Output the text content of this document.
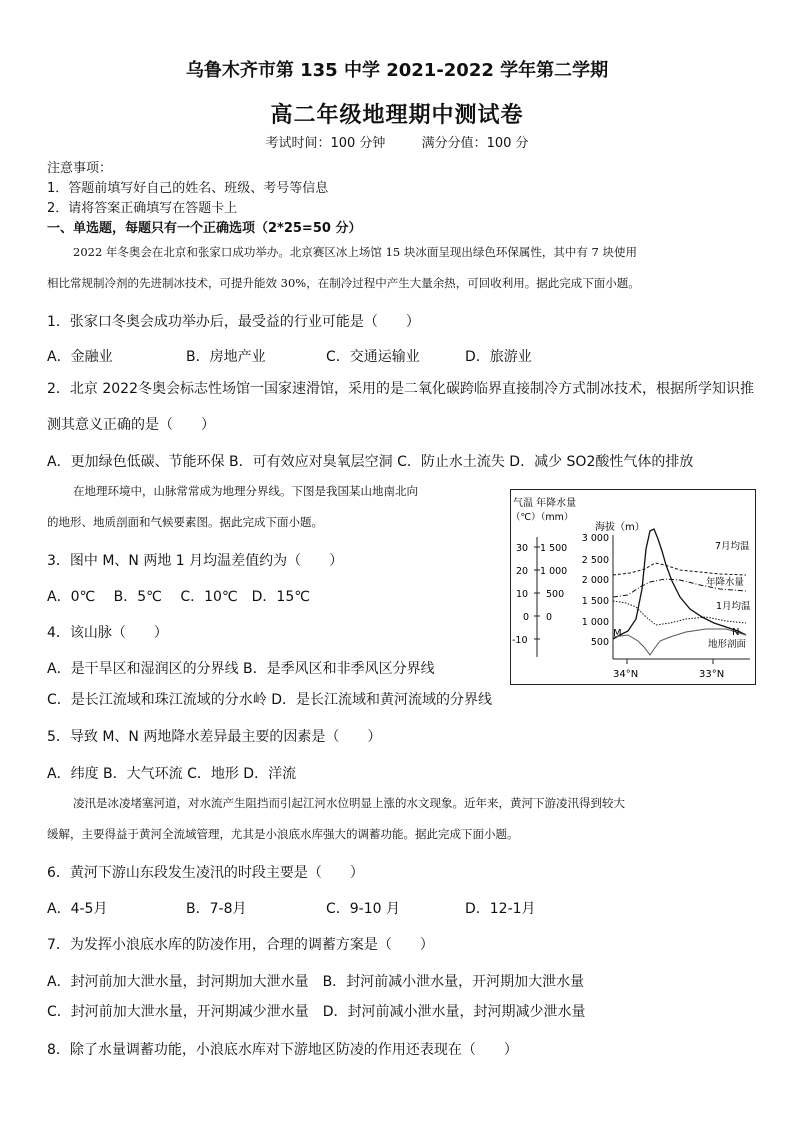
乌鲁木齐市第 135 中学 2021-2022 学年第二学期
高二年级地理期中测试卷
考试时间：100 分钟	满分分值：100 分
注意事项：
1．答题前填写好自己的姓名、班级、考号等信息
2．请将答案正确填写在答题卡上
一、单选题，每题只有一个正确选项（2*25=50 分）
2022 年冬奥会在北京和张家口成功举办。北京赛区冰上场馆 15 块冰面呈现出绿色环保属性，其中有 7 块使用
相比常规制冷剂的先进制冰技术，可提升能效 30%，在制冷过程中产生大量余热，可回收利用。据此完成下面小题。
1．张家口冬奥会成功举办后，最受益的行业可能是（　　）
A．金融业	B．房地产业	C．交通运输业	D．旅游业
2．北京 2022冬奥会标志性场馆一国家速滑馆，采用的是二氧化碳跨临界直接制冷方式制冰技术，根据所学知识推
测其意义正确的是（　　）
A．更加绿色低碳、节能环保 B．可有效应对臭氧层空洞 C．防止水土流失 D．减少 SO2酸性气体的排放
在地理环境中，山脉常常成为地理分界线。下图是我国某山地南北向
的地形、地质剖面和气候要素图。据此完成下面小题。
3．图中 M、N 两地 1 月均温差值约为（　　）
A．0℃　 B．5℃　 C．10℃　D．15℃
4．该山脉（　　）
A．是干旱区和湿润区的分界线 B．是季风区和非季风区分界线
C．是长江流域和珠江流域的分水岭 D．是长江流域和黄河流域的分界线
5．导致 M、N 两地降水差异最主要的因素是（　　）
A．纬度 B．大气环流 C．地形 D．洋流
凌汛是冰凌堵塞河道，对水流产生阻挡而引起江河水位明显上涨的水文现象。近年来，黄河下游凌汛得到较大
缓解，主要得益于黄河全流域管理，尤其是小浪底水库强大的调蓄功能。据此完成下面小题。
6．黄河下游山东段发生凌汛的时段主要是（　　）
A．4-5月	B．7-8月	C．9-10 月	D．12-1月
7．为发挥小浪底水库的防凌作用，合理的调蓄方案是（　　）
A．封河前加大泄水量，封河期加大泄水量　B．封河前减小泄水量，开河期加大泄水量
C．封河前加大泄水量，开河期减少泄水量　D．封河前减小泄水量，封河期减少泄水量
8．除了水量调蓄功能，小浪底水库对下游地区防凌的作用还表现在（　　）
气温 年降水量
（℃）（mm）
海拔（m）
30
20
10
0
-10
1 500
1 000
500
0
3 000
2 500
2 000
1 500
1 000
500
34°N	33°N
M	N
7月均温
年降水量
1月均温
地形剖面
